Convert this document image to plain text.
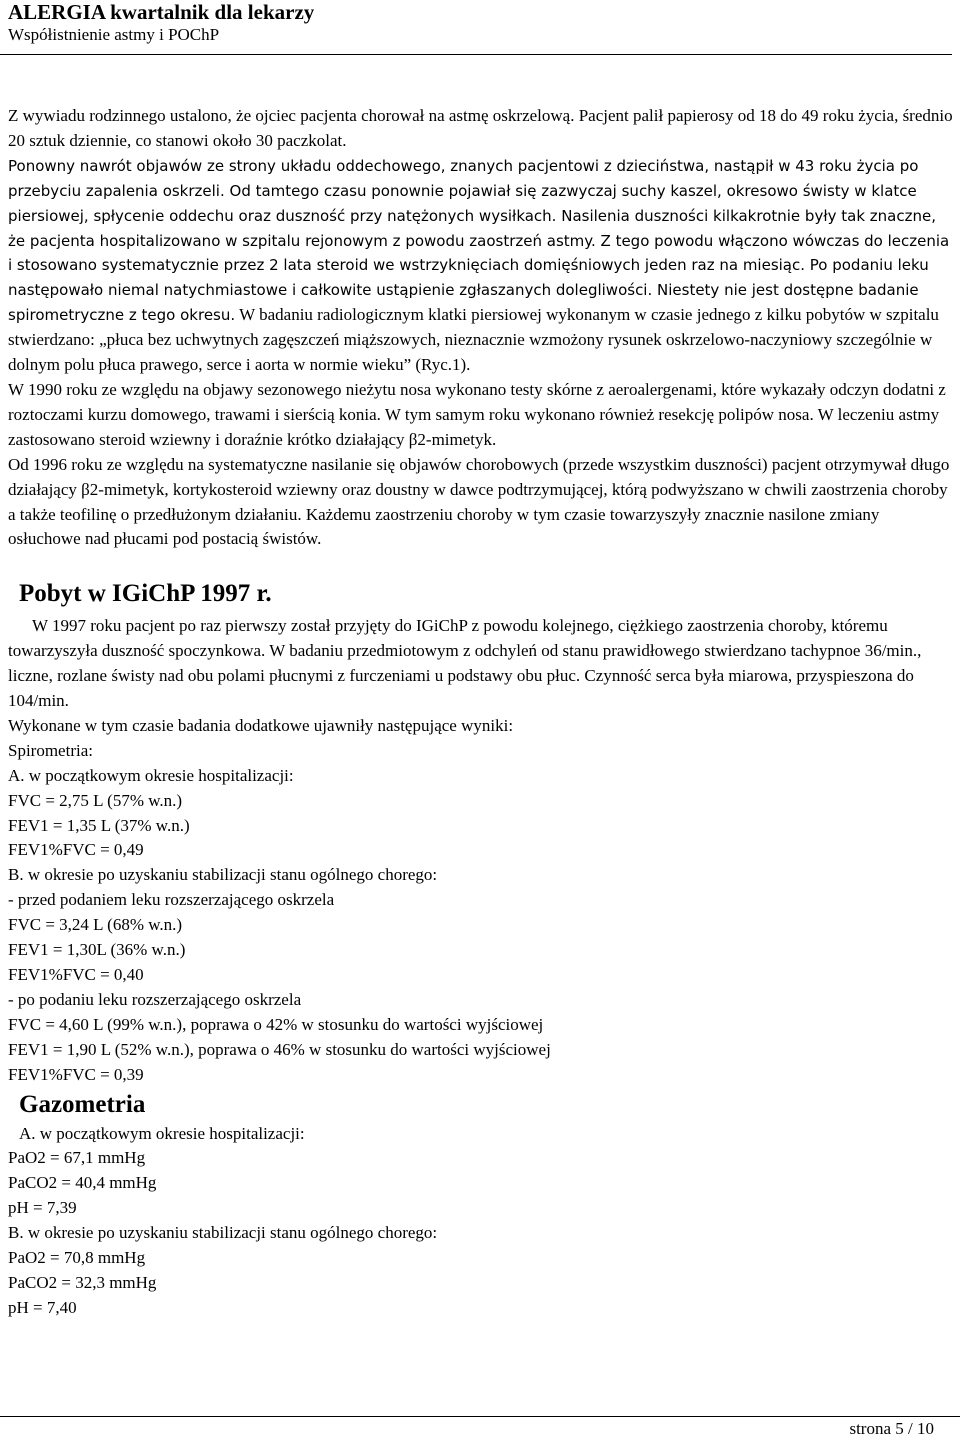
ALERGIA kwartalnik dla lekarzy
Współistnienie astmy i POChP

Z wywiadu rodzinnego ustalono, że ojciec pacjenta chorował na astmę oskrzelową. Pacjent palił papierosy od 18 do 49 roku życia, średnio 20 sztuk dziennie, co stanowi około 30 paczkolat.

Ponowny nawrót objawów ze strony układu oddechowego, znanych pacjentowi z dzieciństwa, nastąpił w 43 roku życia po przebyciu zapalenia oskrzeli. Od tamtego czasu ponownie pojawiał się zazwyczaj suchy kaszel, okresowo świsty w klatce piersiowej, spłycenie oddechu oraz duszność przy natężonych wysiłkach. Nasilenia duszności kilkakrotnie były tak znaczne, że pacjenta hospitalizowano w szpitalu rejonowym z powodu zaostrzeń astmy. Z tego powodu włączono wówczas do leczenia i stosowano systematycznie przez 2 lata steroid we wstrzyknięciach domięśniowych jeden raz na miesiąc. Po podaniu leku następowało niemal natychmiastowe i całkowite ustąpienie zgłaszanych dolegliwości. Niestety nie jest dostępne badanie spirometryczne z tego okresu. W badaniu radiologicznym klatki piersiowej wykonanym w czasie jednego z kilku pobytów w szpitalu stwierdzano: „płuca bez uchwytnych zagęszczeń miąższowych, nieznacznie wzmożony rysunek oskrzelowo-naczyniowy szczególnie w dolnym polu płuca prawego, serce i aorta w normie wieku” (Ryc.1).

W 1990 roku ze względu na objawy sezonowego nieżytu nosa wykonano testy skórne z aeroalergenami, które wykazały odczyn dodatni z roztoczami kurzu domowego, trawami i sierścią konia. W tym samym roku wykonano również resekcję polipów nosa. W leczeniu astmy zastosowano steroid wziewny i doraźnie krótko działający β2-mimetyk.

Od 1996 roku ze względu na systematyczne nasilanie się objawów chorobowych (przede wszystkim duszności) pacjent otrzymywał długo działający β2-mimetyk, kortykosteroid wziewny oraz doustny w dawce podtrzymującej, którą podwyższano w chwili zaostrzenia choroby a także teofilinę o przedłużonym działaniu. Każdemu zaostrzeniu choroby w tym czasie towarzyszyły znacznie nasilone zmiany osłuchowe nad płucami pod postacią świstów.

Pobyt w IGiChP 1997 r.

W 1997 roku pacjent po raz pierwszy został przyjęty do IGiChP z powodu kolejnego, ciężkiego zaostrzenia choroby, któremu towarzyszyła duszność spoczynkowa. W badaniu przedmiotowym z odchyleń od stanu prawidłowego stwierdzano tachypnoe 36/min., liczne, rozlane świsty nad obu polami płucnymi z furczeniami u podstawy obu płuc. Czynność serca była miarowa, przyspieszona do 104/min.

Wykonane w tym czasie badania dodatkowe ujawniły następujące wyniki:

Spirometria:

A. w początkowym okresie hospitalizacji:

FVC = 2,75 L (57% w.n.)

FEV1 = 1,35 L (37% w.n.)

FEV1%FVC = 0,49

B. w okresie po uzyskaniu stabilizacji stanu ogólnego chorego:

- przed podaniem leku rozszerzającego oskrzela

FVC = 3,24 L (68% w.n.)

FEV1 = 1,30L (36% w.n.)

FEV1%FVC = 0,40

- po podaniu leku rozszerzającego oskrzela

FVC = 4,60 L (99% w.n.), poprawa o 42% w stosunku do wartości wyjściowej

FEV1 = 1,90 L (52% w.n.), poprawa o 46% w stosunku do wartości wyjściowej

FEV1%FVC = 0,39

Gazometria

A. w początkowym okresie hospitalizacji:

PaO2 = 67,1 mmHg

PaCO2 = 40,4 mmHg

pH = 7,39

B. w okresie po uzyskaniu stabilizacji stanu ogólnego chorego:

PaO2 = 70,8 mmHg

PaCO2 = 32,3 mmHg

pH = 7,40

strona 5 / 10
